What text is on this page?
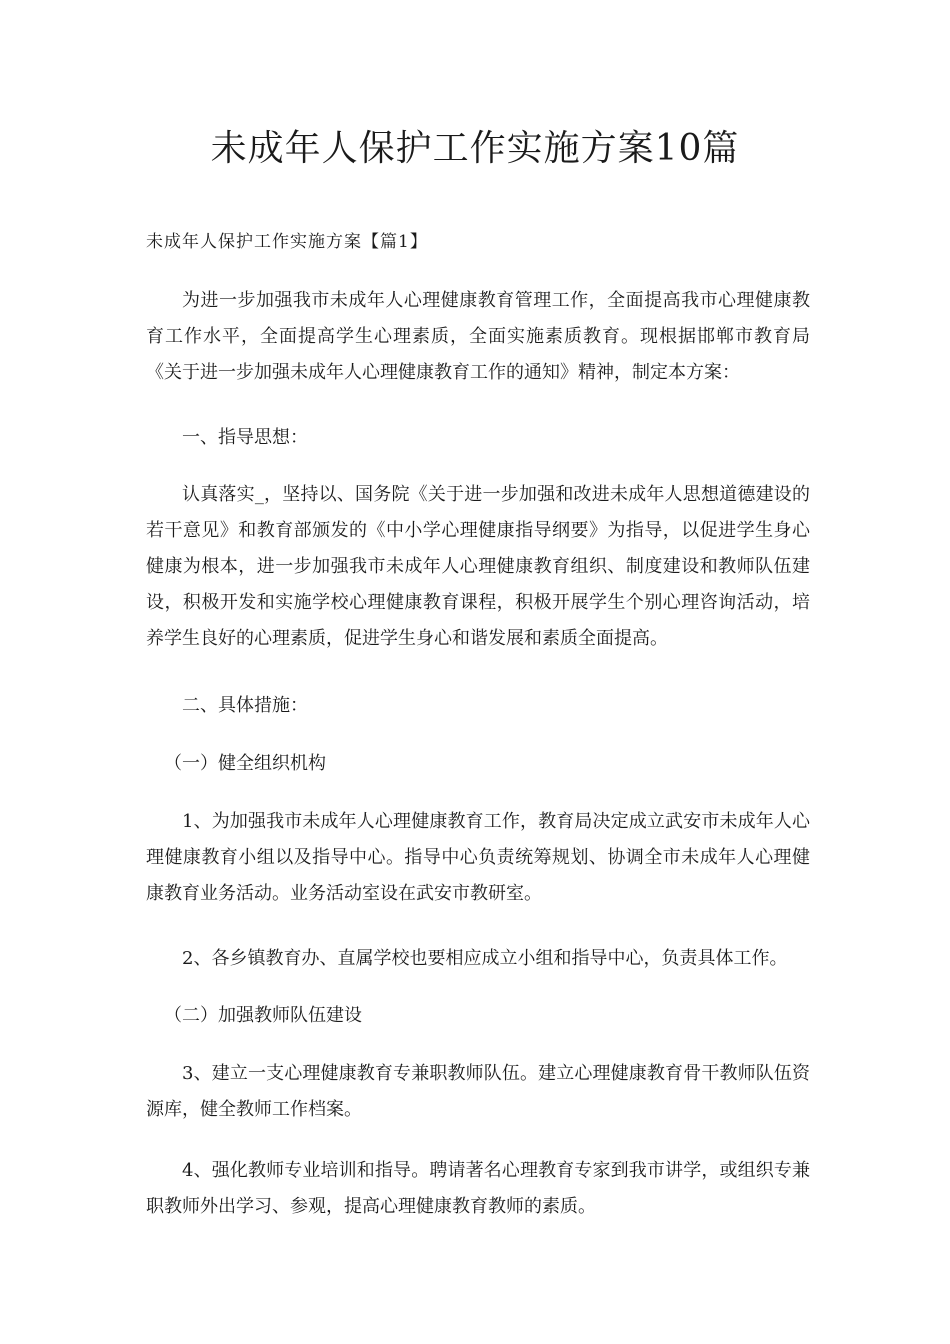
未成年人保护工作实施方案10篇
未成年人保护工作实施方案【篇1】

为进一步加强我市未成年人心理健康教育管理工作，全面提高我市心理健康教育工作水平，全面提高学生心理素质，全面实施素质教育。现根据邯郸市教育局《关于进一步加强未成年人心理健康教育工作的通知》精神，制定本方案：

一、指导思想：

认真落实_，坚持以、国务院《关于进一步加强和改进未成年人思想道德建设的若干意见》和教育部颁发的《中小学心理健康指导纲要》为指导，以促进学生身心健康为根本，进一步加强我市未成年人心理健康教育组织、制度建设和教师队伍建设，积极开发和实施学校心理健康教育课程，积极开展学生个别心理咨询活动，培养学生良好的心理素质，促进学生身心和谐发展和素质全面提高。

二、具体措施：

（一）健全组织机构

1、为加强我市未成年人心理健康教育工作，教育局决定成立武安市未成年人心理健康教育小组以及指导中心。指导中心负责统筹规划、协调全市未成年人心理健康教育业务活动。业务活动室设在武安市教研室。

2、各乡镇教育办、直属学校也要相应成立小组和指导中心，负责具体工作。

（二）加强教师队伍建设

3、建立一支心理健康教育专兼职教师队伍。建立心理健康教育骨干教师队伍资源库，健全教师工作档案。

4、强化教师专业培训和指导。聘请著名心理教育专家到我市讲学，或组织专兼职教师外出学习、参观，提高心理健康教育教师的素质。
